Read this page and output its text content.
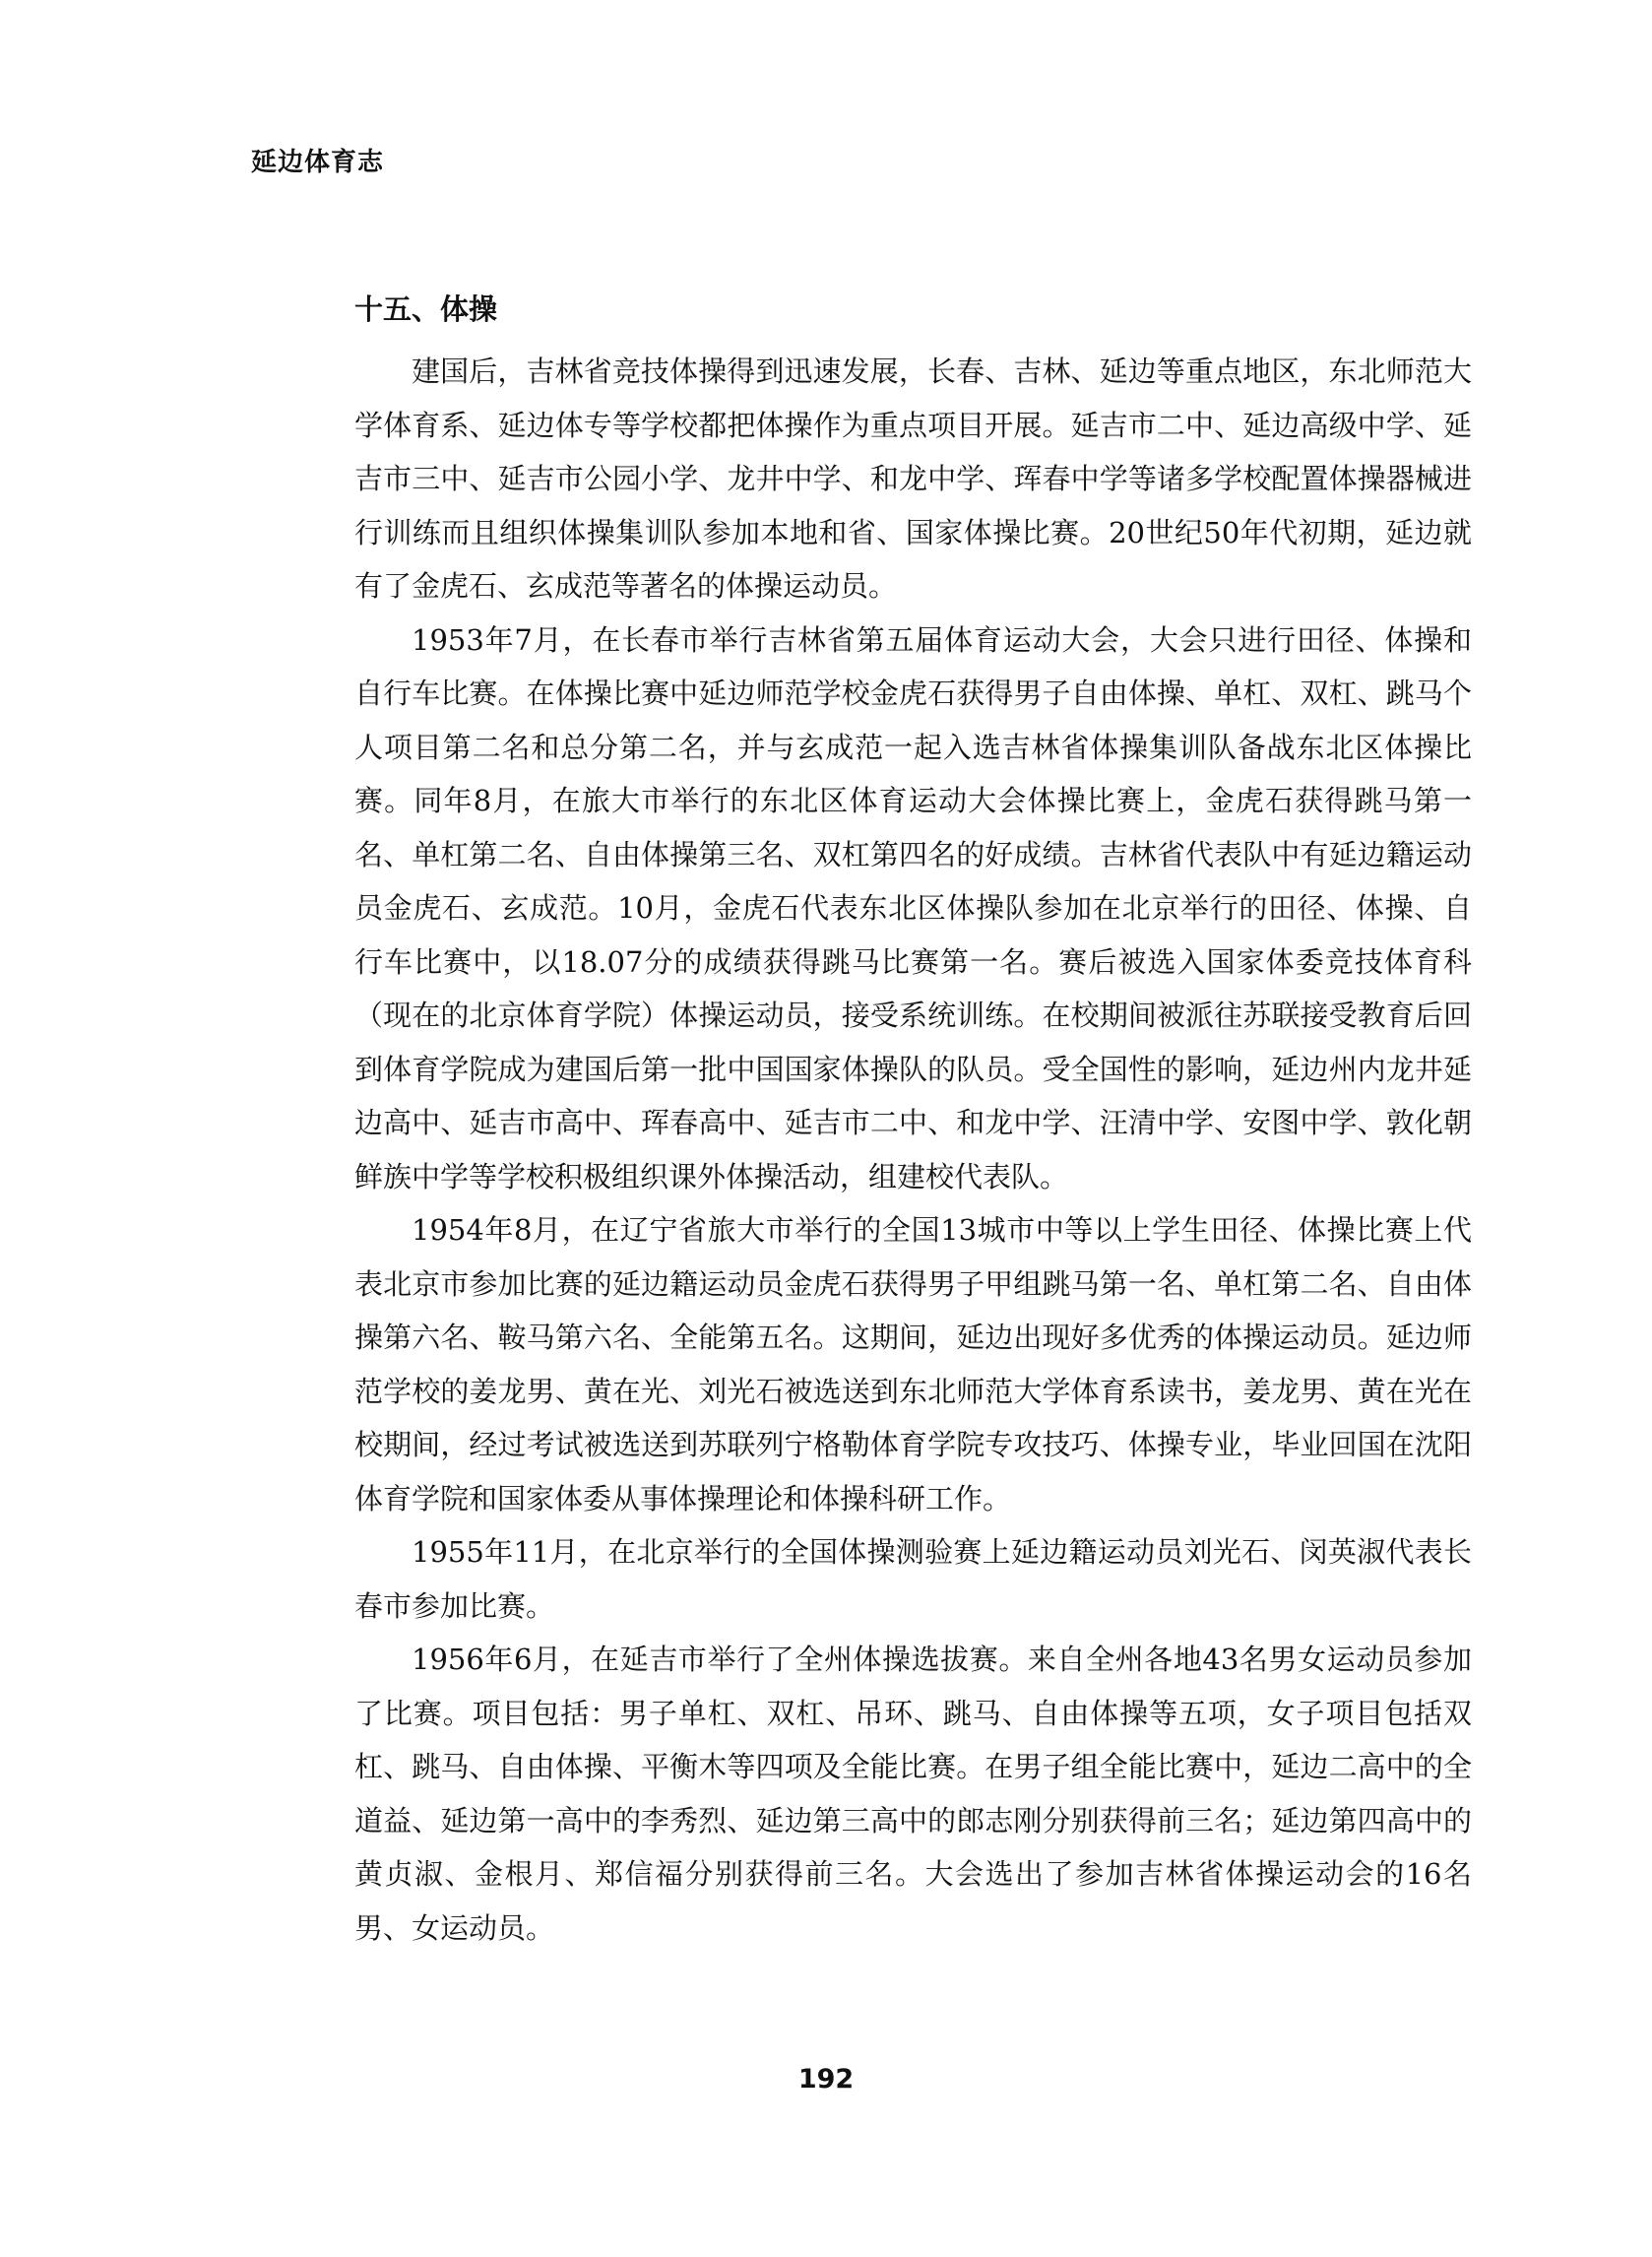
延边体育志
十五、体操

建国后，吉林省竞技体操得到迅速发展，长春、吉林、延边等重点地区，东北师范大学体育系、延边体专等学校都把体操作为重点项目开展。延吉市二中、延边高级中学、延吉市三中、延吉市公园小学、龙井中学、和龙中学、珲春中学等诸多学校配置体操器械进行训练而且组织体操集训队参加本地和省、国家体操比赛。20世纪50年代初期，延边就有了金虎石、玄成范等著名的体操运动员。

1953年7月，在长春市举行吉林省第五届体育运动大会，大会只进行田径、体操和自行车比赛。在体操比赛中延边师范学校金虎石获得男子自由体操、单杠、双杠、跳马个人项目第二名和总分第二名，并与玄成范一起入选吉林省体操集训队备战东北区体操比赛。同年8月，在旅大市举行的东北区体育运动大会体操比赛上，金虎石获得跳马第一名、单杠第二名、自由体操第三名、双杠第四名的好成绩。吉林省代表队中有延边籍运动员金虎石、玄成范。10月，金虎石代表东北区体操队参加在北京举行的田径、体操、自行车比赛中，以18.07分的成绩获得跳马比赛第一名。赛后被选入国家体委竞技体育科（现在的北京体育学院）体操运动员，接受系统训练。在校期间被派往苏联接受教育后回到体育学院成为建国后第一批中国国家体操队的队员。受全国性的影响，延边州内龙井延边高中、延吉市高中、珲春高中、延吉市二中、和龙中学、汪清中学、安图中学、敦化朝鲜族中学等学校积极组织课外体操活动，组建校代表队。

1954年8月，在辽宁省旅大市举行的全国13城市中等以上学生田径、体操比赛上代表北京市参加比赛的延边籍运动员金虎石获得男子甲组跳马第一名、单杠第二名、自由体操第六名、鞍马第六名、全能第五名。这期间，延边出现好多优秀的体操运动员。延边师范学校的姜龙男、黄在光、刘光石被选送到东北师范大学体育系读书，姜龙男、黄在光在校期间，经过考试被选送到苏联列宁格勒体育学院专攻技巧、体操专业，毕业回国在沈阳体育学院和国家体委从事体操理论和体操科研工作。

1955年11月，在北京举行的全国体操测验赛上延边籍运动员刘光石、闵英淑代表长春市参加比赛。

1956年6月，在延吉市举行了全州体操选拔赛。来自全州各地43名男女运动员参加了比赛。项目包括：男子单杠、双杠、吊环、跳马、自由体操等五项，女子项目包括双杠、跳马、自由体操、平衡木等四项及全能比赛。在男子组全能比赛中，延边二高中的全道益、延边第一高中的李秀烈、延边第三高中的郎志刚分别获得前三名；延边第四高中的黄贞淑、金根月、郑信福分别获得前三名。大会选出了参加吉林省体操运动会的16名男、女运动员。

192
